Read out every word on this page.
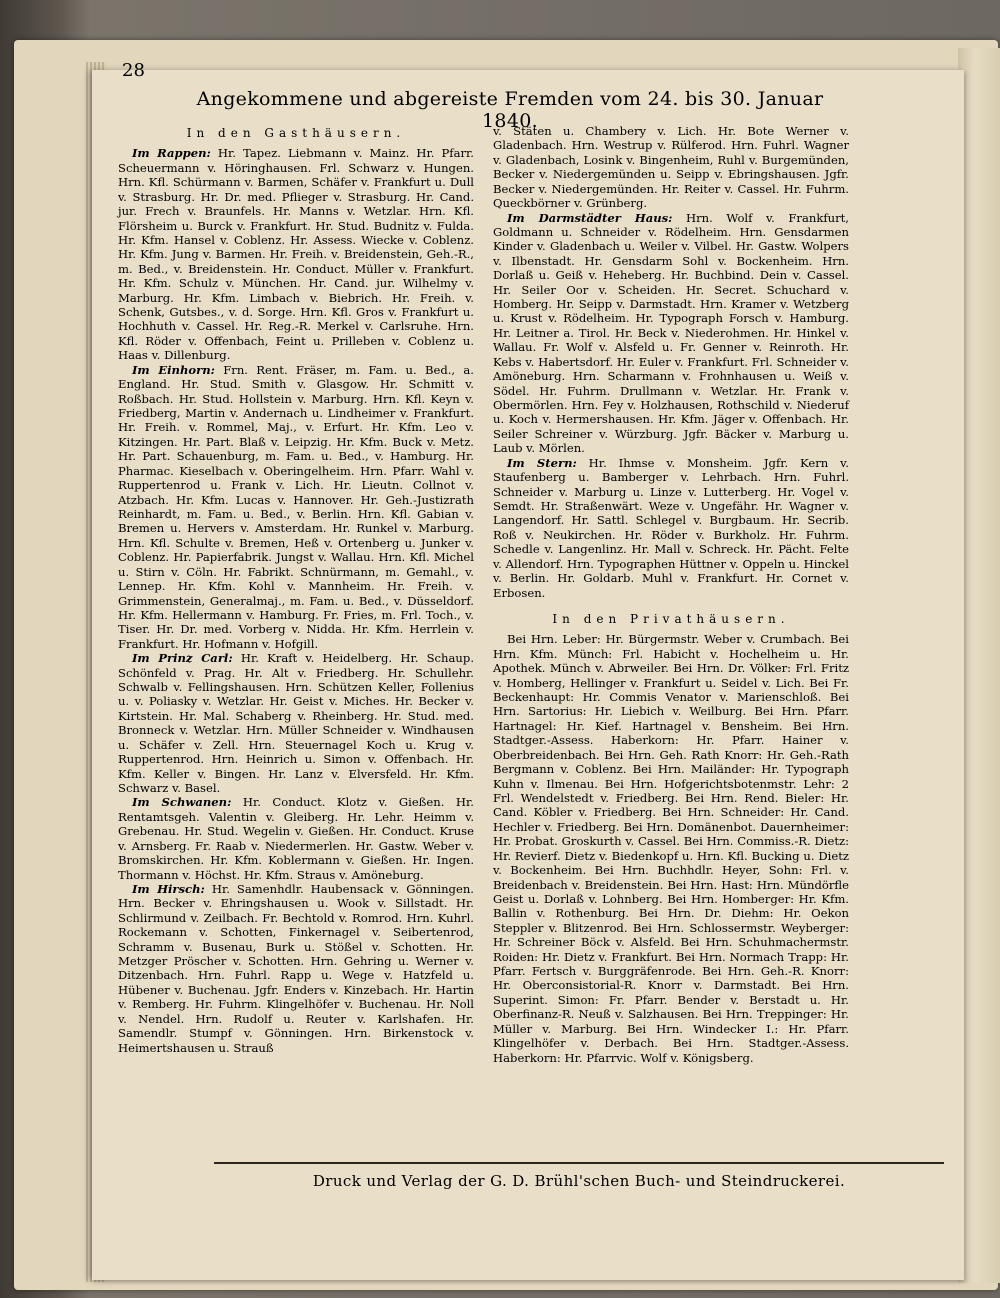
28
Angekommene und abgereiste Fremden vom 24. bis 30. Januar 1840.
In den Gasthäusern.

Im Rappen: Hr. Tapez. Liebmann v. Mainz. Hr. Pfarr. Scheuermann v. Höringhausen. Frl. Schwarz v. Hungen. Hrn. Kfl. Schürmann v. Barmen, Schäfer v. Frankfurt u. Dull v. Strasburg. Hr. Dr. med. Pflieger v. Strasburg. Hr. Cand. jur. Frech v. Braunfels. Hr. Manns v. Wetzlar. Hrn. Kfl. Flörsheim u. Burck v. Frankfurt. Hr. Stud. Budnitz v. Fulda. Hr. Kfm. Hansel v. Coblenz. Hr. Assess. Wiecke v. Coblenz. Hr. Kfm. Jung v. Barmen. Hr. Freih. v. Breidenstein, Geh.-R., m. Bed., v. Breidenstein. Hr. Conduct. Müller v. Frankfurt. Hr. Kfm. Schulz v. München. Hr. Cand. jur. Wilhelmy v. Marburg. Hr. Kfm. Limbach v. Biebrich. Hr. Freih. v. Schenk, Gutsbes., v. d. Sorge. Hrn. Kfl. Gros v. Frankfurt u. Hochhuth v. Cassel. Hr. Reg.-R. Merkel v. Carlsruhe. Hrn. Kfl. Röder v. Offenbach, Feint u. Prilleben v. Coblenz u. Haas v. Dillenburg.

Im Einhorn: Frn. Rent. Fräser, m. Fam. u. Bed., a. England. Hr. Stud. Smith v. Glasgow. Hr. Schmitt v. Roßbach. Hr. Stud. Hollstein v. Marburg. Hrn. Kfl. Keyn v. Friedberg, Martin v. Andernach u. Lindheimer v. Frankfurt. Hr. Freih. v. Rommel, Maj., v. Erfurt. Hr. Kfm. Leo v. Kitzingen. Hr. Part. Blaß v. Leipzig. Hr. Kfm. Buck v. Metz. Hr. Part. Schauenburg, m. Fam. u. Bed., v. Hamburg. Hr. Pharmac. Kieselbach v. Oberingelheim. Hrn. Pfarr. Wahl v. Ruppertenrod u. Frank v. Lich. Hr. Lieutn. Collnot v. Atzbach. Hr. Kfm. Lucas v. Hannover. Hr. Geh.-Justizrath Reinhardt, m. Fam. u. Bed., v. Berlin. Hrn. Kfl. Gabian v. Bremen u. Hervers v. Amsterdam. Hr. Runkel v. Marburg. Hrn. Kfl. Schulte v. Bremen, Heß v. Ortenberg u. Junker v. Coblenz. Hr. Papierfabrik. Jungst v. Wallau. Hrn. Kfl. Michel u. Stirn v. Cöln. Hr. Fabrikt. Schnürmann, m. Gemahl., v. Lennep. Hr. Kfm. Kohl v. Mannheim. Hr. Freih. v. Grimmenstein, Generalmaj., m. Fam. u. Bed., v. Düsseldorf. Hr. Kfm. Hellermann v. Hamburg. Fr. Fries, m. Frl. Toch., v. Tiser. Hr. Dr. med. Vorberg v. Nidda. Hr. Kfm. Herrlein v. Frankfurt. Hr. Hofmann v. Hofgill.

Im Prinz Carl: Hr. Kraft v. Heidelberg. Hr. Schaup. Schönfeld v. Prag. Hr. Alt v. Friedberg. Hr. Schullehr. Schwalb v. Fellingshausen. Hrn. Schützen Keller, Follenius u. v. Poliasky v. Wetzlar. Hr. Geist v. Miches. Hr. Becker v. Kirtstein. Hr. Mal. Schaberg v. Rheinberg. Hr. Stud. med. Bronneck v. Wetzlar. Hrn. Müller Schneider v. Windhausen u. Schäfer v. Zell. Hrn. Steuernagel Koch u. Krug v. Ruppertenrod. Hrn. Heinrich u. Simon v. Offenbach. Hr. Kfm. Keller v. Bingen. Hr. Lanz v. Elversfeld. Hr. Kfm. Schwarz v. Basel.

Im Schwanen: Hr. Conduct. Klotz v. Gießen. Hr. Rentamtsgeh. Valentin v. Gleiberg. Hr. Lehr. Heimm v. Grebenau. Hr. Stud. Wegelin v. Gießen. Hr. Conduct. Kruse v. Arnsberg. Fr. Raab v. Niedermerlen. Hr. Gastw. Weber v. Bromskirchen. Hr. Kfm. Koblermann v. Gießen. Hr. Ingen. Thormann v. Höchst. Hr. Kfm. Straus v. Amöneburg.

Im Hirsch: Hr. Samenhdlr. Haubensack v. Gönningen. Hrn. Becker v. Ehringshausen u. Wook v. Sillstadt. Hr. Schlirmund v. Zeilbach. Fr. Bechtold v. Romrod. Hrn. Kuhrl. Rockemann v. Schotten, Finkernagel v. Seibertenrod, Schramm v. Busenau, Burk u. Stößel v. Schotten. Hr. Metzger Pröscher v. Schotten. Hrn. Gehring u. Werner v. Ditzenbach. Hrn. Fuhrl. Rapp u. Wege v. Hatzfeld u. Hübener v. Buchenau. Jgfr. Enders v. Kinzebach. Hr. Hartin v. Remberg. Hr. Fuhrm. Klingelhöfer v. Buchenau. Hr. Noll v. Nendel. Hrn. Rudolf u. Reuter v. Karlshafen. Hr. Samendlr. Stumpf v. Gönningen. Hrn. Birkenstock v. Heimertshausen u. Strauß

v. Stäten u. Chambery v. Lich. Hr. Bote Werner v. Gladenbach. Hrn. Westrup v. Rülferod. Hrn. Fuhrl. Wagner v. Gladenbach, Losink v. Bingenheim, Ruhl v. Burgemünden, Becker v. Niedergemünden u. Seipp v. Ebringshausen. Jgfr. Becker v. Niedergemünden. Hr. Reiter v. Cassel. Hr. Fuhrm. Queckbörner v. Grünberg.

Im Darmstädter Haus: Hrn. Wolf v. Frankfurt, Goldmann u. Schneider v. Rödelheim. Hrn. Gensdarmen Kinder v. Gladenbach u. Weiler v. Vilbel. Hr. Gastw. Wolpers v. Ilbenstadt. Hr. Gensdarm Sohl v. Bockenheim. Hrn. Dorlaß u. Geiß v. Heheberg. Hr. Buchbind. Dein v. Cassel. Hr. Seiler Oor v. Scheiden. Hr. Secret. Schuchard v. Homberg. Hr. Seipp v. Darmstadt. Hrn. Kramer v. Wetzberg u. Krust v. Rödelheim. Hr. Typograph Forsch v. Hamburg. Hr. Leitner a. Tirol. Hr. Beck v. Niederohmen. Hr. Hinkel v. Wallau. Fr. Wolf v. Alsfeld u. Fr. Genner v. Reinroth. Hr. Kebs v. Habertsdorf. Hr. Euler v. Frankfurt. Frl. Schneider v. Amöneburg. Hrn. Scharmann v. Frohnhausen u. Weiß v. Södel. Hr. Fuhrm. Drullmann v. Wetzlar. Hr. Frank v. Obermörlen. Hrn. Fey v. Holzhausen, Rothschild v. Niederuf u. Koch v. Hermershausen. Hr. Kfm. Jäger v. Offenbach. Hr. Seiler Schreiner v. Würzburg. Jgfr. Bäcker v. Marburg u. Laub v. Mörlen.

Im Stern: Hr. Ihmse v. Monsheim. Jgfr. Kern v. Staufenberg u. Bamberger v. Lehrbach. Hrn. Fuhrl. Schneider v. Marburg u. Linze v. Lutterberg. Hr. Vogel v. Semdt. Hr. Straßenwärt. Weze v. Ungefähr. Hr. Wagner v. Langendorf. Hr. Sattl. Schlegel v. Burgbaum. Hr. Secrib. Roß v. Neukirchen. Hr. Röder v. Burkholz. Hr. Fuhrm. Schedle v. Langenlinz. Hr. Mall v. Schreck. Hr. Pächt. Felte v. Allendorf. Hrn. Typographen Hüttner v. Oppeln u. Hinckel v. Berlin. Hr. Goldarb. Muhl v. Frankfurt. Hr. Cornet v. Erbosen.

In den Privathäusern.

Bei Hrn. Leber: Hr. Bürgermstr. Weber v. Crumbach. Bei Hrn. Kfm. Münch: Frl. Habicht v. Hochelheim u. Hr. Apothek. Münch v. Abrweiler. Bei Hrn. Dr. Völker: Frl. Fritz v. Homberg, Hellinger v. Frankfurt u. Seidel v. Lich. Bei Fr. Beckenhaupt: Hr. Commis Venator v. Marienschloß. Bei Hrn. Sartorius: Hr. Liebich v. Weilburg. Bei Hrn. Pfarr. Hartnagel: Hr. Kief. Hartnagel v. Bensheim. Bei Hrn. Stadtger.-Assess. Haberkorn: Hr. Pfarr. Hainer v. Oberbreidenbach. Bei Hrn. Geh. Rath Knorr: Hr. Geh.-Rath Bergmann v. Coblenz. Bei Hrn. Mailänder: Hr. Typograph Kuhn v. Ilmenau. Bei Hrn. Hofgerichtsbotenmstr. Lehr: 2 Frl. Wendelstedt v. Friedberg. Bei Hrn. Rend. Bieler: Hr. Cand. Köbler v. Friedberg. Bei Hrn. Schneider: Hr. Cand. Hechler v. Friedberg. Bei Hrn. Domänenbot. Dauernheimer: Hr. Probat. Groskurth v. Cassel. Bei Hrn. Commiss.-R. Dietz: Hr. Revierf. Dietz v. Biedenkopf u. Hrn. Kfl. Bucking u. Dietz v. Bockenheim. Bei Hrn. Buchhdlr. Heyer, Sohn: Frl. v. Breidenbach v. Breidenstein. Bei Hrn. Hast: Hrn. Mündörfle Geist u. Dorlaß v. Lohnberg. Bei Hrn. Homberger: Hr. Kfm. Ballin v. Rothenburg. Bei Hrn. Dr. Diehm: Hr. Oekon Steppler v. Blitzenrod. Bei Hrn. Schlossermstr. Weyberger: Hr. Schreiner Böck v. Alsfeld. Bei Hrn. Schuhmachermstr. Roiden: Hr. Dietz v. Frankfurt. Bei Hrn. Normach Trapp: Hr. Pfarr. Fertsch v. Burggräfenrode. Bei Hrn. Geh.-R. Knorr: Hr. Oberconsistorial-R. Knorr v. Darmstadt. Bei Hrn. Superint. Simon: Fr. Pfarr. Bender v. Berstadt u. Hr. Oberfinanz-R. Neuß v. Salzhausen. Bei Hrn. Treppinger: Hr. Müller v. Marburg. Bei Hrn. Windecker I.: Hr. Pfarr. Klingelhöfer v. Derbach. Bei Hrn. Stadtger.-Assess. Haberkorn: Hr. Pfarrvic. Wolf v. Königsberg.

Druck und Verlag der G. D. Brühl'schen Buch- und Steindruckerei.
